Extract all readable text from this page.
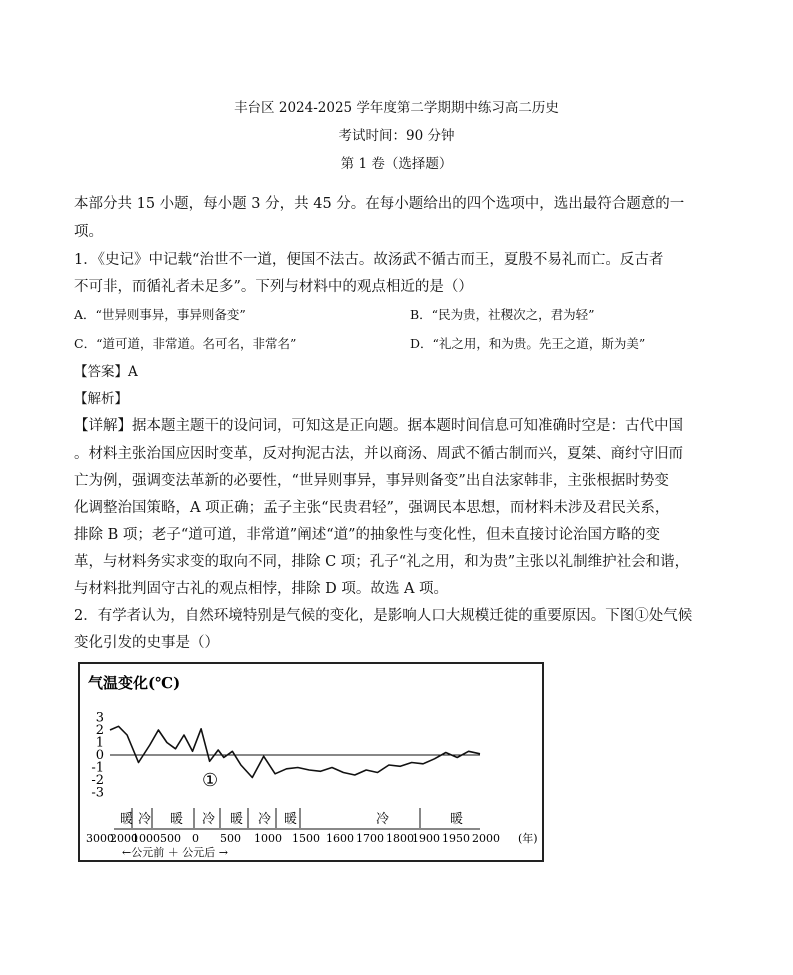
丰台区 2024-2025 学年度第二学期期中练习高二历史
考试时间：90 分钟
第 1 卷（选择题）
本部分共 15 小题，每小题 3 分，共 45 分。在每小题给出的四个选项中，选出最符合题意的一
项。
1．《史记》中记载“治世不一道，便国不法古。故汤武不循古而王，夏殷不易礼而亡。反古者
不可非，而循礼者未足多”。下列与材料中的观点相近的是（）
A．“世异则事异，事异则备变”	B．“民为贵，社稷次之，君为轻”
C．“道可道，非常道。名可名，非常名”	D．“礼之用，和为贵。先王之道，斯为美”
【答案】A
【解析】
【详解】据本题主题干的设问词，可知这是正向题。据本题时间信息可知准确时空是：古代中国
。材料主张治国应因时变革，反对拘泥古法，并以商汤、周武不循古制而兴，夏桀、商纣守旧而
亡为例，强调变法革新的必要性，“世异则事异，事异则备变”出自法家韩非，主张根据时势变
化调整治国策略，A 项正确；孟子主张“民贵君轻”，强调民本思想，而材料未涉及君民关系，
排除 B 项；老子“道可道，非常道”阐述“道”的抽象性与变化性，但未直接讨论治国方略的变
革，与材料务实求变的取向不同，排除 C 项；孔子“礼之用，和为贵”主张以礼制维护社会和谐，
与材料批判固守古礼的观点相悖，排除 D 项。故选 A 项。
2．有学者认为，自然环境特别是气候的变化，是影响人口大规模迁徙的重要原因。下图①处气候
变化引发的史事是（）
气温变化(℃)
3
2
1
0
-1
-2
-3
①
暖 冷 暖 冷 暖 冷 暖	冷	暖
3000
2000
1000 500 0 500 1000 1500 1600 1700 1800
1900 1950 2000 (年)
←公元前 ＋ 公元后 →
